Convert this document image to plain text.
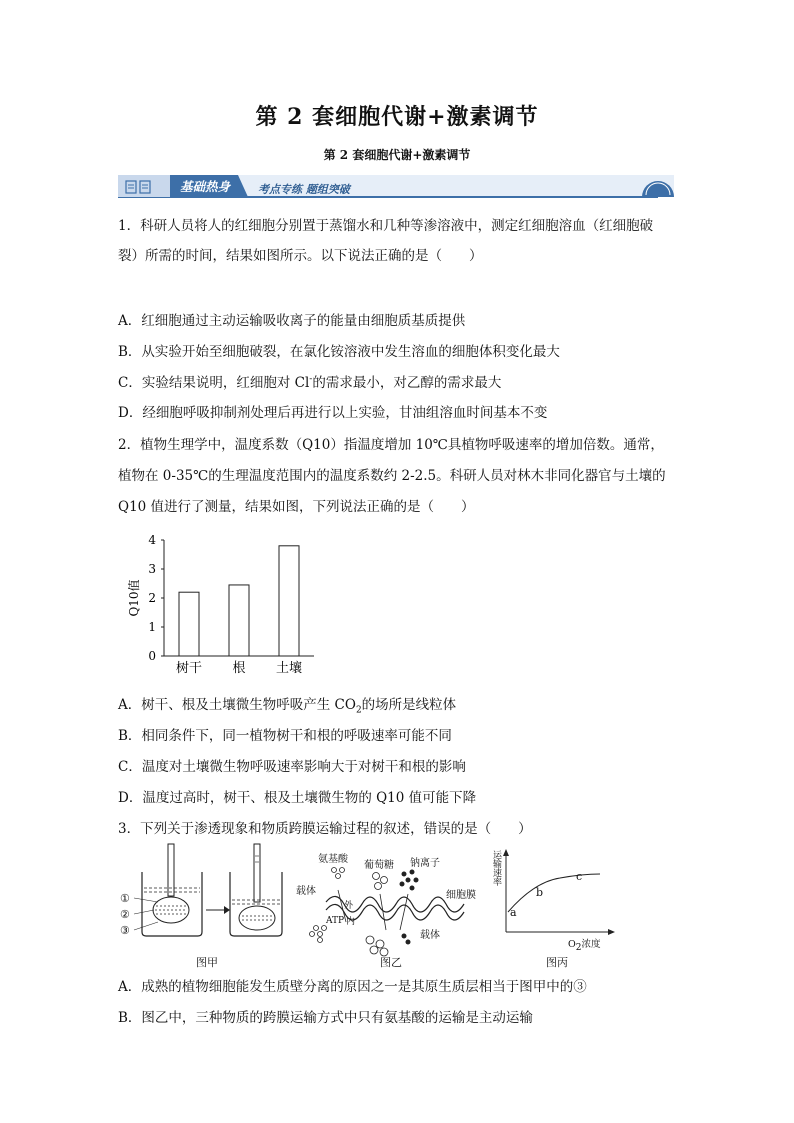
第 2 套细胞代谢+激素调节
第 2 套细胞代谢+激素调节
基础热身	考点专练 题组突破
1．科研人员将人的红细胞分别置于蒸馏水和几种等渗溶液中，测定红细胞溶血（红细胞破
裂）所需的时间，结果如图所示。以下说法正确的是（　　）
A．红细胞通过主动运输吸收离子的能量由细胞质基质提供
B．从实验开始至细胞破裂，在氯化铵溶液中发生溶血的细胞体积变化最大
C．实验结果说明，红细胞对 Cl-的需求最小，对乙醇的需求最大
D．经细胞呼吸抑制剂处理后再进行以上实验，甘油组溶血时间基本不变
2．植物生理学中，温度系数（Q10）指温度增加 10℃具植物呼吸速率的增加倍数。通常，
植物在 0-35℃的生理温度范围内的温度系数约 2-2.5。科研人员对林木非同化器官与土壤的
Q10 值进行了测量，结果如图，下列说法正确的是（　　）
0
1
2
3
4
树干 根 土壤
Q10值
A．树干、根及土壤微生物呼吸产生 $CO_2$的场所是线粒体
B．相同条件下，同一植物树干和根的呼吸速率可能不同
C．温度对土壤微生物呼吸速率影响大于对树干和根的影响
D．温度过高时，树干、根及土壤微生物的 Q10 值可能下降
3．下列关于渗透现象和物质跨膜运输过程的叙述，错误的是（　　）
①
②
③
图甲
氨基酸
葡萄糖 钠离子
载体
外
内
ATP
细胞膜
载体
图乙
运输速率
a
b
c
O2浓度
图丙
A．成熟的植物细胞能发生质壁分离的原因之一是其原生质层相当于图甲中的③
B．图乙中，三种物质的跨膜运输方式中只有氨基酸的运输是主动运输
